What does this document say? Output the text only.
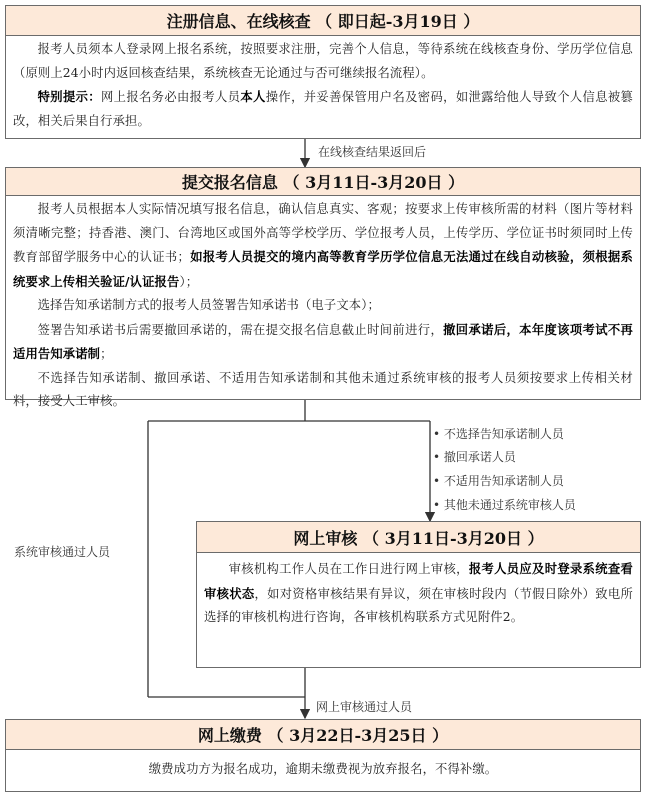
注册信息、在线核查 （ 即日起-3月19日 ）

报考人员须本人登录网上报名系统，按照要求注册，完善个人信息，等待系统在线核查身份、学历学位信息（原则上24小时内返回核查结果，系统核查无论通过与否可继续报名流程）。

特别提示：网上报名务必由报考人员本人操作，并妥善保管用户名及密码，如泄露给他人导致个人信息被篡改，相关后果自行承担。

在线核查结果返回后
提交报名信息 （ 3月11日-3月20日 ）

报考人员根据本人实际情况填写报名信息，确认信息真实、客观；按要求上传审核所需的材料（图片等材料须清晰完整；持香港、澳门、台湾地区或国外高等学校学历、学位报考人员，上传学历、学位证书时须同时上传教育部留学服务中心的认证书；如报考人员提交的境内高等教育学历学位信息无法通过在线自动核验，须根据系统要求上传相关验证/认证报告）；

选择告知承诺制方式的报考人员签署告知承诺书（电子文本）；

签署告知承诺书后需要撤回承诺的，需在提交报名信息截止时间前进行，撤回承诺后，本年度该项考试不再适用告知承诺制；

不选择告知承诺制、撤回承诺、不适用告知承诺制和其他未通过系统审核的报考人员须按要求上传相关材料，接受人工审核。

• 不选择告知承诺制人员
• 撤回承诺人员
• 不适用告知承诺制人员
• 其他未通过系统审核人员
系统审核通过人员
网上审核 （ 3月11日-3月20日 ）

审核机构工作人员在工作日进行网上审核，报考人员应及时登录系统查看审核状态，如对资格审核结果有异议，须在审核时段内（节假日除外）致电所选择的审核机构进行咨询，各审核机构联系方式见附件2。

网上审核通过人员
网上缴费 （ 3月22日-3月25日 ）
缴费成功方为报名成功，逾期未缴费视为放弃报名，不得补缴。
